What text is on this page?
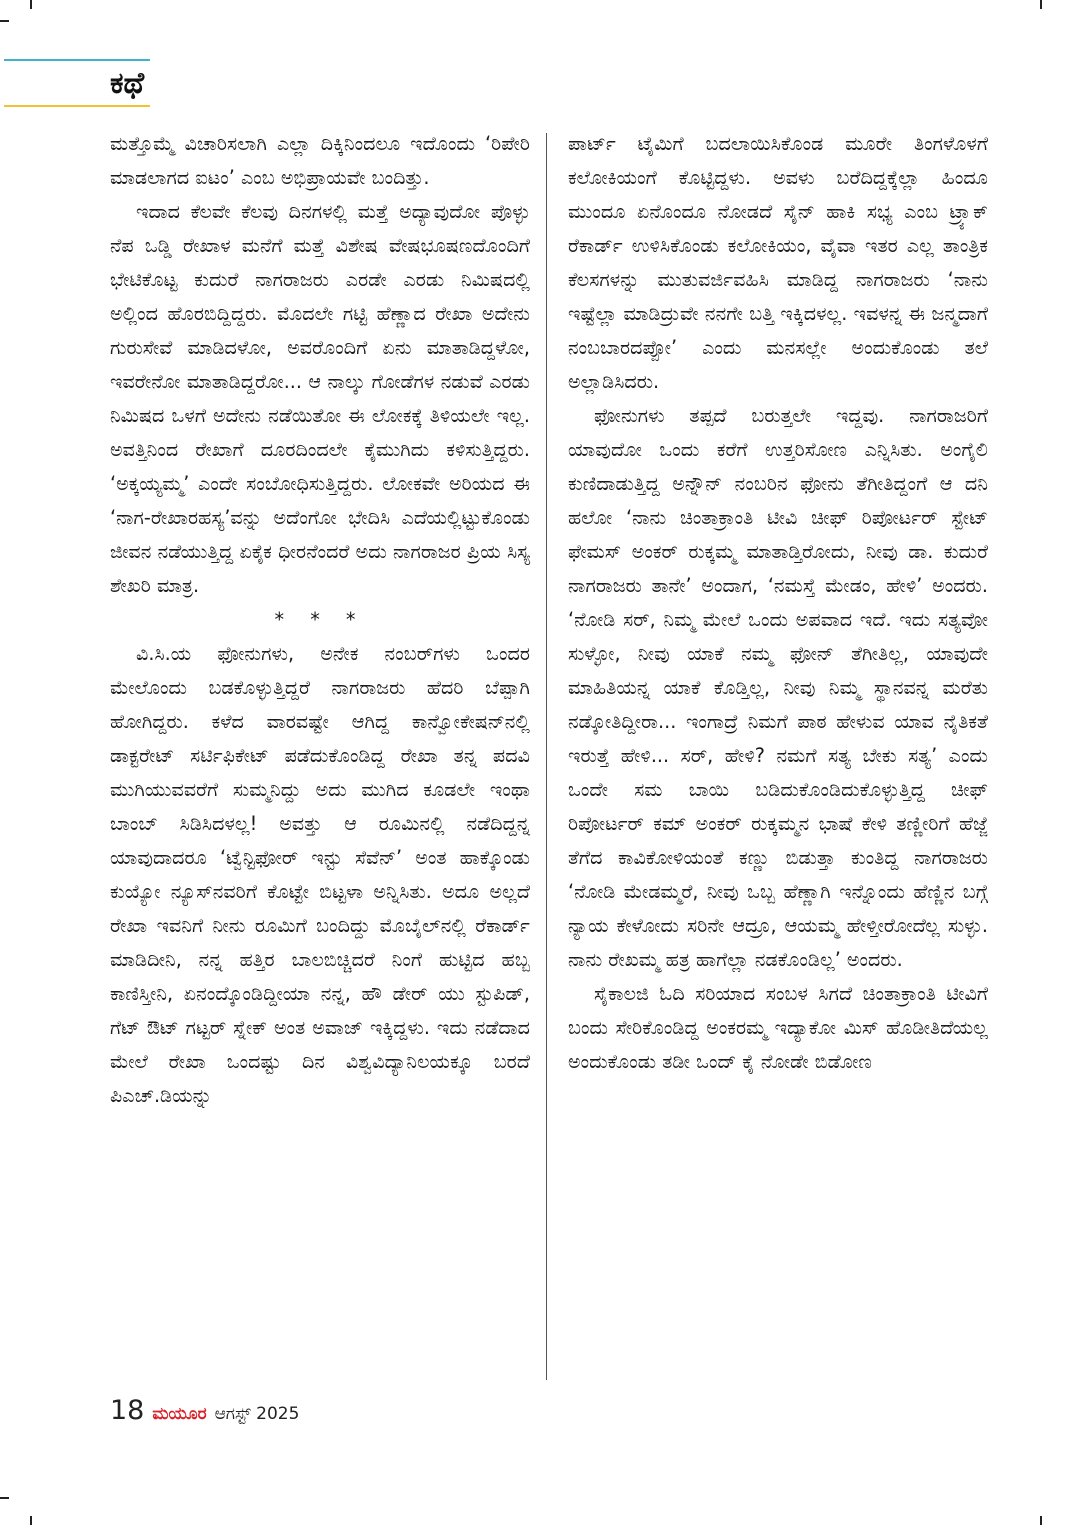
ಕಥೆ

ಮತ್ತೊಮ್ಮೆ ವಿಚಾರಿಸಲಾಗಿ ಎಲ್ಲಾ ದಿಕ್ಕಿನಿಂದಲೂ ಇದೊಂದು ‘ರಿಪೇರಿ ಮಾಡಲಾಗದ ಐಟಂ’ ಎಂಬ ಅಭಿಪ್ರಾಯವೇ ಬಂದಿತ್ತು.

ಇದಾದ ಕೆಲವೇ ಕೆಲವು ದಿನಗಳಲ್ಲಿ ಮತ್ತೆ ಅದ್ಯಾವುದೋ ಪೊಳ್ಳು ನೆಪ ಒಡ್ಡಿ ರೇಖಾಳ ಮನೆಗೆ ಮತ್ತೆ ವಿಶೇಷ ವೇಷಭೂಷಣದೊಂದಿಗೆ ಭೇಟಿಕೊಟ್ಟ ಕುದುರೆ ನಾಗರಾಜರು ಎರಡೇ ಎರಡು ನಿಮಿಷದಲ್ಲಿ ಅಲ್ಲಿಂದ ಹೊರಬಿದ್ದಿದ್ದರು. ಮೊದಲೇ ಗಟ್ಟಿ ಹೆಣ್ಣಾದ ರೇಖಾ ಅದೇನು ಗುರುಸೇವೆ ಮಾಡಿದಳೋ, ಅವರೊಂದಿಗೆ ಏನು ಮಾತಾಡಿದ್ದಳೋ, ಇವರೇನೋ ಮಾತಾಡಿದ್ದರೋ... ಆ ನಾಲ್ಕು ಗೋಡೆಗಳ ನಡುವೆ ಎರಡು ನಿಮಿಷದ ಒಳಗೆ ಅದೇನು ನಡೆಯಿತೋ ಈ ಲೋಕಕ್ಕೆ ತಿಳಿಯಲೇ ಇಲ್ಲ. ಅವತ್ತಿನಿಂದ ರೇಖಾಗೆ ದೂರದಿಂದಲೇ ಕೈಮುಗಿದು ಕಳಿಸುತ್ತಿದ್ದರು. ‘ಅಕ್ಕಯ್ಯಮ್ಮ’ ಎಂದೇ ಸಂಬೋಧಿಸುತ್ತಿದ್ದರು. ಲೋಕವೇ ಅರಿಯದ ಈ ‘ನಾಗ-ರೇಖಾರಹಸ್ಯ’ವನ್ನು ಅದೆಂಗೋ ಭೇದಿಸಿ ಎದೆಯಲ್ಲಿಟ್ಟುಕೊಂಡು ಜೀವನ ನಡೆಯುತ್ತಿದ್ದ ಏಕೈಕ ಧೀರನೆಂದರೆ ಅದು ನಾಗರಾಜರ ಪ್ರಿಯ ಸಿಸ್ಯ ಶೇಖರಿ ಮಾತ್ರ.

* * *

ವಿ.ಸಿ.ಯ ಫೋನುಗಳು, ಅನೇಕ ನಂಬರ್‌ಗಳು ಒಂದರ ಮೇಲೊಂದು ಬಡಕೊಳ್ಳುತ್ತಿದ್ದರೆ ನಾಗರಾಜರು ಹೆದರಿ ಬೆಪ್ಪಾಗಿ ಹೋಗಿದ್ದರು. ಕಳೆದ ವಾರವಷ್ಟೇ ಆಗಿದ್ದ ಕಾನ್ವೋಕೇಷನ್‌ನಲ್ಲಿ ಡಾಕ್ಟರೇಟ್ ಸರ್ಟಿಫಿಕೇಟ್ ಪಡೆದುಕೊಂಡಿದ್ದ ರೇಖಾ ತನ್ನ ಪದವಿ ಮುಗಿಯುವವರೆಗೆ ಸುಮ್ಮನಿದ್ದು ಅದು ಮುಗಿದ ಕೂಡಲೇ ಇಂಥಾ ಬಾಂಬ್ ಸಿಡಿಸಿದಳಲ್ಲ! ಅವತ್ತು ಆ ರೂಮಿನಲ್ಲಿ ನಡೆದಿದ್ದನ್ನ ಯಾವುದಾದರೂ ‘ಟ್ವೆನ್ಟಿಫೋರ್ ಇನ್ಟು ಸೆವೆನ್’ ಅಂತ ಹಾಕ್ಕೊಂಡು ಕುಯ್ಯೋ ನ್ಯೂಸ್‌ನವರಿಗೆ ಕೊಟ್ಟೇ ಬಿಟ್ಟಳಾ ಅನ್ನಿಸಿತು. ಅದೂ ಅಲ್ಲದೆ ರೇಖಾ ಇವನಿಗೆ ನೀನು ರೂಮಿಗೆ ಬಂದಿದ್ದು ಮೊಬೈಲ್‌ನಲ್ಲಿ ರೆಕಾರ್ಡ್ ಮಾಡಿದೀನಿ, ನನ್ನ ಹತ್ತಿರ ಬಾಲಬಿಚ್ಚಿದರೆ ನಿಂಗೆ ಹುಟ್ಟಿದ ಹಬ್ಬ ಕಾಣಿಸ್ತೀನಿ, ಏನಂದ್ಕೊಂಡಿದ್ದೀಯಾ ನನ್ನ, ಹೌ ಡೇರ್ ಯು ಸ್ಟುಪಿಡ್, ಗೆಟ್ ಔಟ್ ಗಟ್ಟರ್ ಸ್ನೇಕ್ ಅಂತ ಅವಾಜ್ ಇಕ್ಕಿದ್ದಳು. ಇದು ನಡೆದಾದ ಮೇಲೆ ರೇಖಾ ಒಂದಷ್ಟು ದಿನ ವಿಶ್ವವಿದ್ಯಾನಿಲಯಕ್ಕೂ ಬರದೆ ಪಿಎಚ್.ಡಿಯನ್ನು

ಪಾರ್ಟ್ ಟೈಮಿಗೆ ಬದಲಾಯಿಸಿಕೊಂಡ ಮೂರೇ ತಿಂಗಳೊಳಗೆ ಕಲೋಕಿಯಂಗೆ ಕೊಟ್ಟಿದ್ದಳು. ಅವಳು ಬರೆದಿದ್ದಕ್ಕೆಲ್ಲಾ ಹಿಂದೂ ಮುಂದೂ ಏನೊಂದೂ ನೋಡದೆ ಸೈನ್ ಹಾಕಿ ಸಭ್ಯ ಎಂಬ ಟ್ರ್ಯಾಕ್ ರೆಕಾರ್ಡ್ ಉಳಿಸಿಕೊಂಡು ಕಲೋಕಿಯಂ, ವೈವಾ ಇತರ ಎಲ್ಲ ತಾಂತ್ರಿಕ ಕೆಲಸಗಳನ್ನು ಮುತುವರ್ಜಿವಹಿಸಿ ಮಾಡಿದ್ದ ನಾಗರಾಜರು ‘ನಾನು ಇಷ್ಟೆಲ್ಲಾ ಮಾಡಿದ್ರುವೇ ನನಗೇ ಬತ್ತಿ ಇಕ್ಕಿದಳಲ್ಲ. ಇವಳನ್ನ ಈ ಜನ್ಮದಾಗೆ ನಂಬಬಾರದಪ್ಪೋ’ ಎಂದು ಮನಸಲ್ಲೇ ಅಂದುಕೊಂಡು ತಲೆ ಅಲ್ಲಾಡಿಸಿದರು.

ಫೋನುಗಳು ತಪ್ಪದೆ ಬರುತ್ತಲೇ ಇದ್ದವು. ನಾಗರಾಜರಿಗೆ ಯಾವುದೋ ಒಂದು ಕರೆಗೆ ಉತ್ತರಿಸೋಣ ಎನ್ನಿಸಿತು. ಅಂಗೈಲಿ ಕುಣಿದಾಡುತ್ತಿದ್ದ ಅನ್ನೌನ್ ನಂಬರಿನ ಫೋನು ತೆಗೀತಿದ್ದಂಗೆ ಆ ದನಿ ಹಲೋ ‘ನಾನು ಚಿಂತಾಕ್ರಾಂತಿ ಟೀವಿ ಚೀಫ್ ರಿಪೋರ್ಟರ್ ಸ್ಟೇಟ್ ಫೇಮಸ್ ಅಂಕರ್ ರುಕ್ಕಮ್ಮ ಮಾತಾಡ್ತಿರೋದು, ನೀವು ಡಾ. ಕುದುರೆ ನಾಗರಾಜರು ತಾನೇ’ ಅಂದಾಗ, ‘ನಮಸ್ತೆ ಮೇಡಂ, ಹೇಳಿ’ ಅಂದರು. ‘ನೋಡಿ ಸರ್, ನಿಮ್ಮ ಮೇಲೆ ಒಂದು ಅಪವಾದ ಇದೆ. ಇದು ಸತ್ಯವೋ ಸುಳ್ಳೋ, ನೀವು ಯಾಕೆ ನಮ್ಮ ಫೋನ್ ತೆಗೀತಿಲ್ಲ, ಯಾವುದೇ ಮಾಹಿತಿಯನ್ನ ಯಾಕೆ ಕೊಡ್ತಿಲ್ಲ, ನೀವು ನಿಮ್ಮ ಸ್ಥಾನವನ್ನ ಮರೆತು ನಡ್ಕೋತಿದ್ದೀರಾ... ಇಂಗಾದ್ರೆ ನಿಮಗೆ ಪಾಠ ಹೇಳುವ ಯಾವ ನೈತಿಕತೆ ಇರುತ್ತೆ ಹೇಳಿ... ಸರ್, ಹೇಳಿ? ನಮಗೆ ಸತ್ಯ ಬೇಕು ಸತ್ಯ’ ಎಂದು ಒಂದೇ ಸಮ ಬಾಯಿ ಬಡಿದುಕೊಂಡಿದುಕೊಳ್ಳುತ್ತಿದ್ದ ಚೀಫ್ ರಿಪೋರ್ಟರ್ ಕಮ್ ಅಂಕರ್ ರುಕ್ಕಮ್ಮನ ಭಾಷೆ ಕೇಳಿ ತಣ್ಣೀರಿಗೆ ಹೆಜ್ಜೆ ತೆಗೆದ ಕಾವಿಕೋಳಿಯಂತೆ ಕಣ್ಣು ಬಿಡುತ್ತಾ ಕುಂತಿದ್ದ ನಾಗರಾಜರು ‘ನೋಡಿ ಮೇಡಮ್ಮರೆ, ನೀವು ಒಬ್ಬ ಹೆಣ್ಣಾಗಿ ಇನ್ನೊಂದು ಹೆಣ್ಣಿನ ಬಗ್ಗೆ ನ್ಯಾಯ ಕೇಳೋದು ಸರಿನೇ ಆದ್ರೂ, ಆಯಮ್ಮ ಹೇಳ್ತೀರೋದೆಲ್ಲ ಸುಳ್ಳು. ನಾನು ರೇಖಮ್ಮ ಹತ್ರ ಹಾಗೆಲ್ಲಾ ನಡಕೊಂಡಿಲ್ಲ’ ಅಂದರು.

ಸೈಕಾಲಜಿ ಓದಿ ಸರಿಯಾದ ಸಂಬಳ ಸಿಗದೆ ಚಿಂತಾಕ್ರಾಂತಿ ಟೀವಿಗೆ ಬಂದು ಸೇರಿಕೊಂಡಿದ್ದ ಅಂಕರಮ್ಮ ಇದ್ಯಾಕೋ ಮಿಸ್ ಹೊಡೀತಿದೆಯಲ್ಲ ಅಂದುಕೊಂಡು ತಡೀ ಒಂದ್ ಕೈ ನೋಡೇ ಬಿಡೋಣ

18 ಮಯೂರ ಆಗಸ್ಟ್ 2025
